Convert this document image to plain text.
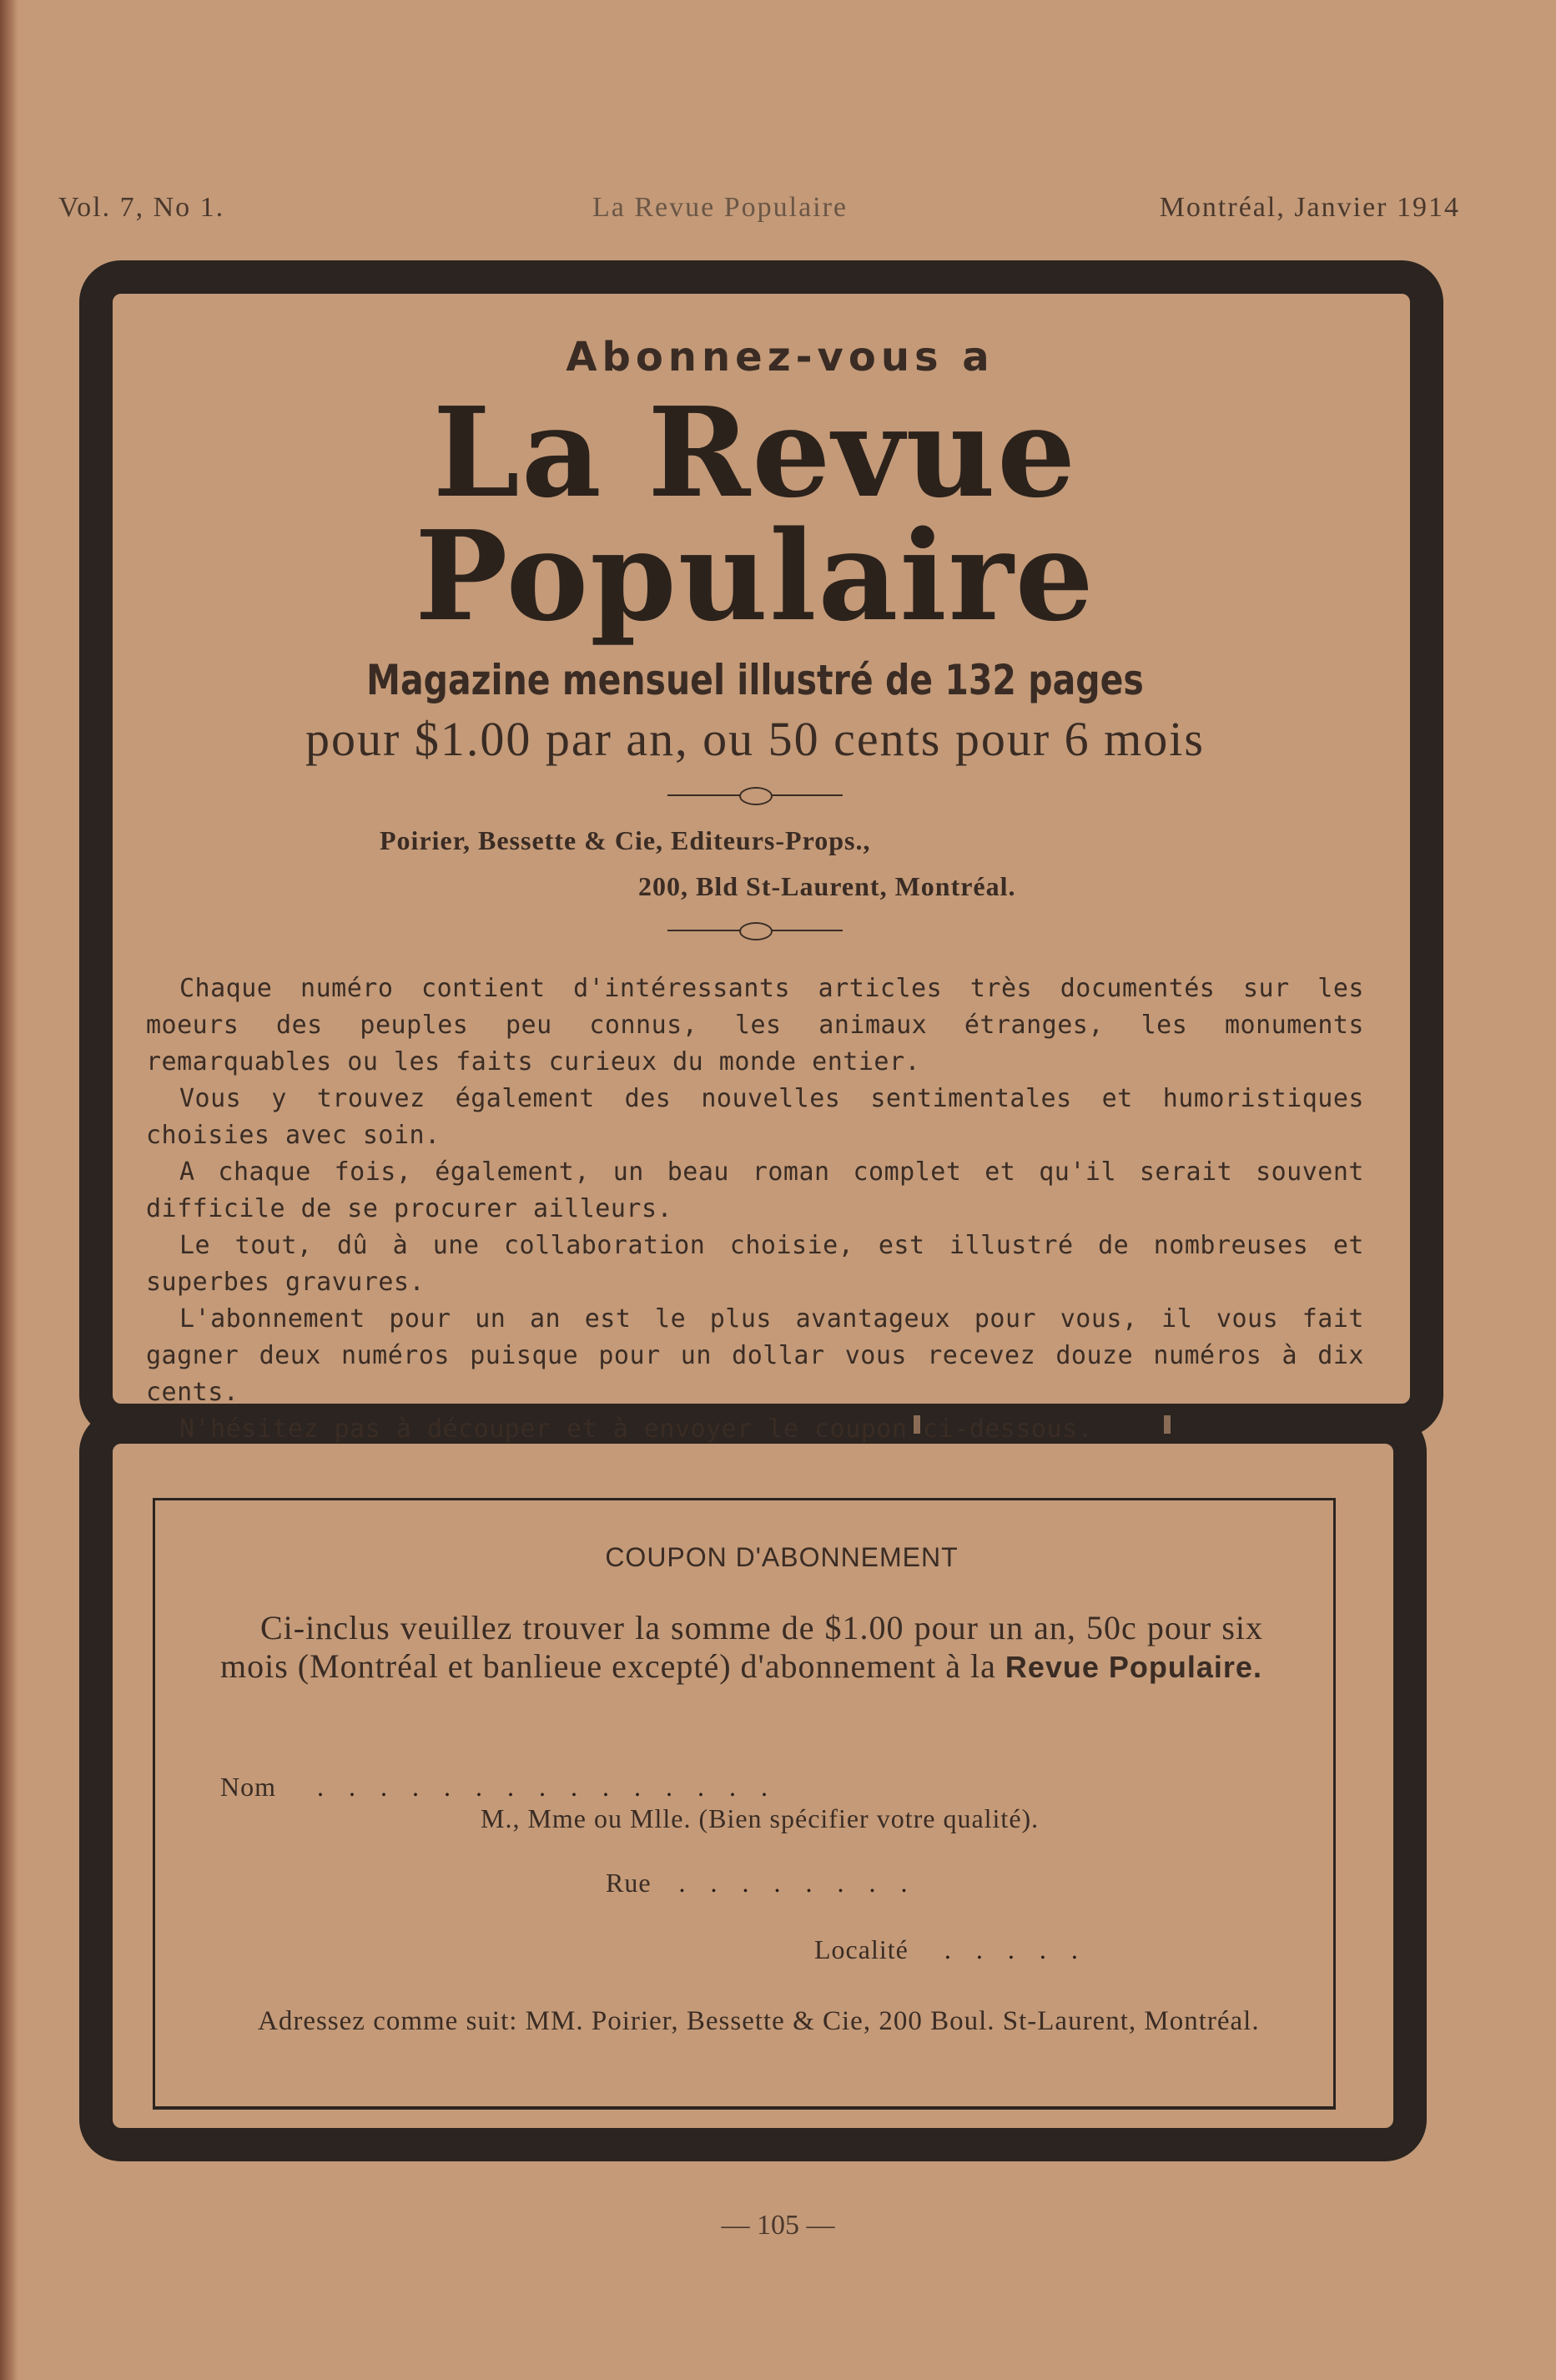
Vol. 7, No 1.	La Revue Populaire	Montréal, Janvier 1914
Abonnez-vous a
La Revue Populaire
Magazine mensuel illustré de 132 pages
pour $1.00 par an, ou 50 cents pour 6 mois
Poirier, Bessette & Cie, Editeurs-Props.,
200, Bld St-Laurent, Montréal.

Chaque numéro contient d'intéressants articles très documentés sur les moeurs des peuples peu connus, les animaux étranges, les monuments remarquables ou les faits curieux du monde entier.

Vous y trouvez également des nouvelles sentimentales et humoristiques choisies avec soin.

A chaque fois, également, un beau roman complet et qu'il serait souvent difficile de se procurer ailleurs.

Le tout, dû à une collaboration choisie, est illustré de nombreuses et superbes gravures.

L'abonnement pour un an est le plus avantageux pour vous, il vous fait gagner deux numéros puisque pour un dollar vous recevez douze numéros à dix cents.

N'hésitez pas à découper et à envoyer le coupon ci-dessous.

COUPON D'ABONNEMENT
Ci-inclus veuillez trouver la somme de $1.00 pour un an, 50c pour six mois (Montréal et banlieue excepté) d'abonnement à la Revue Populaire.
Nom ...............
M., Mme ou Mlle. (Bien spécifier votre qualité).
Rue ........
Localité .....
Adressez comme suit: MM. Poirier, Bessette & Cie, 200 Boul. St-Laurent, Montréal.
— 105 —
